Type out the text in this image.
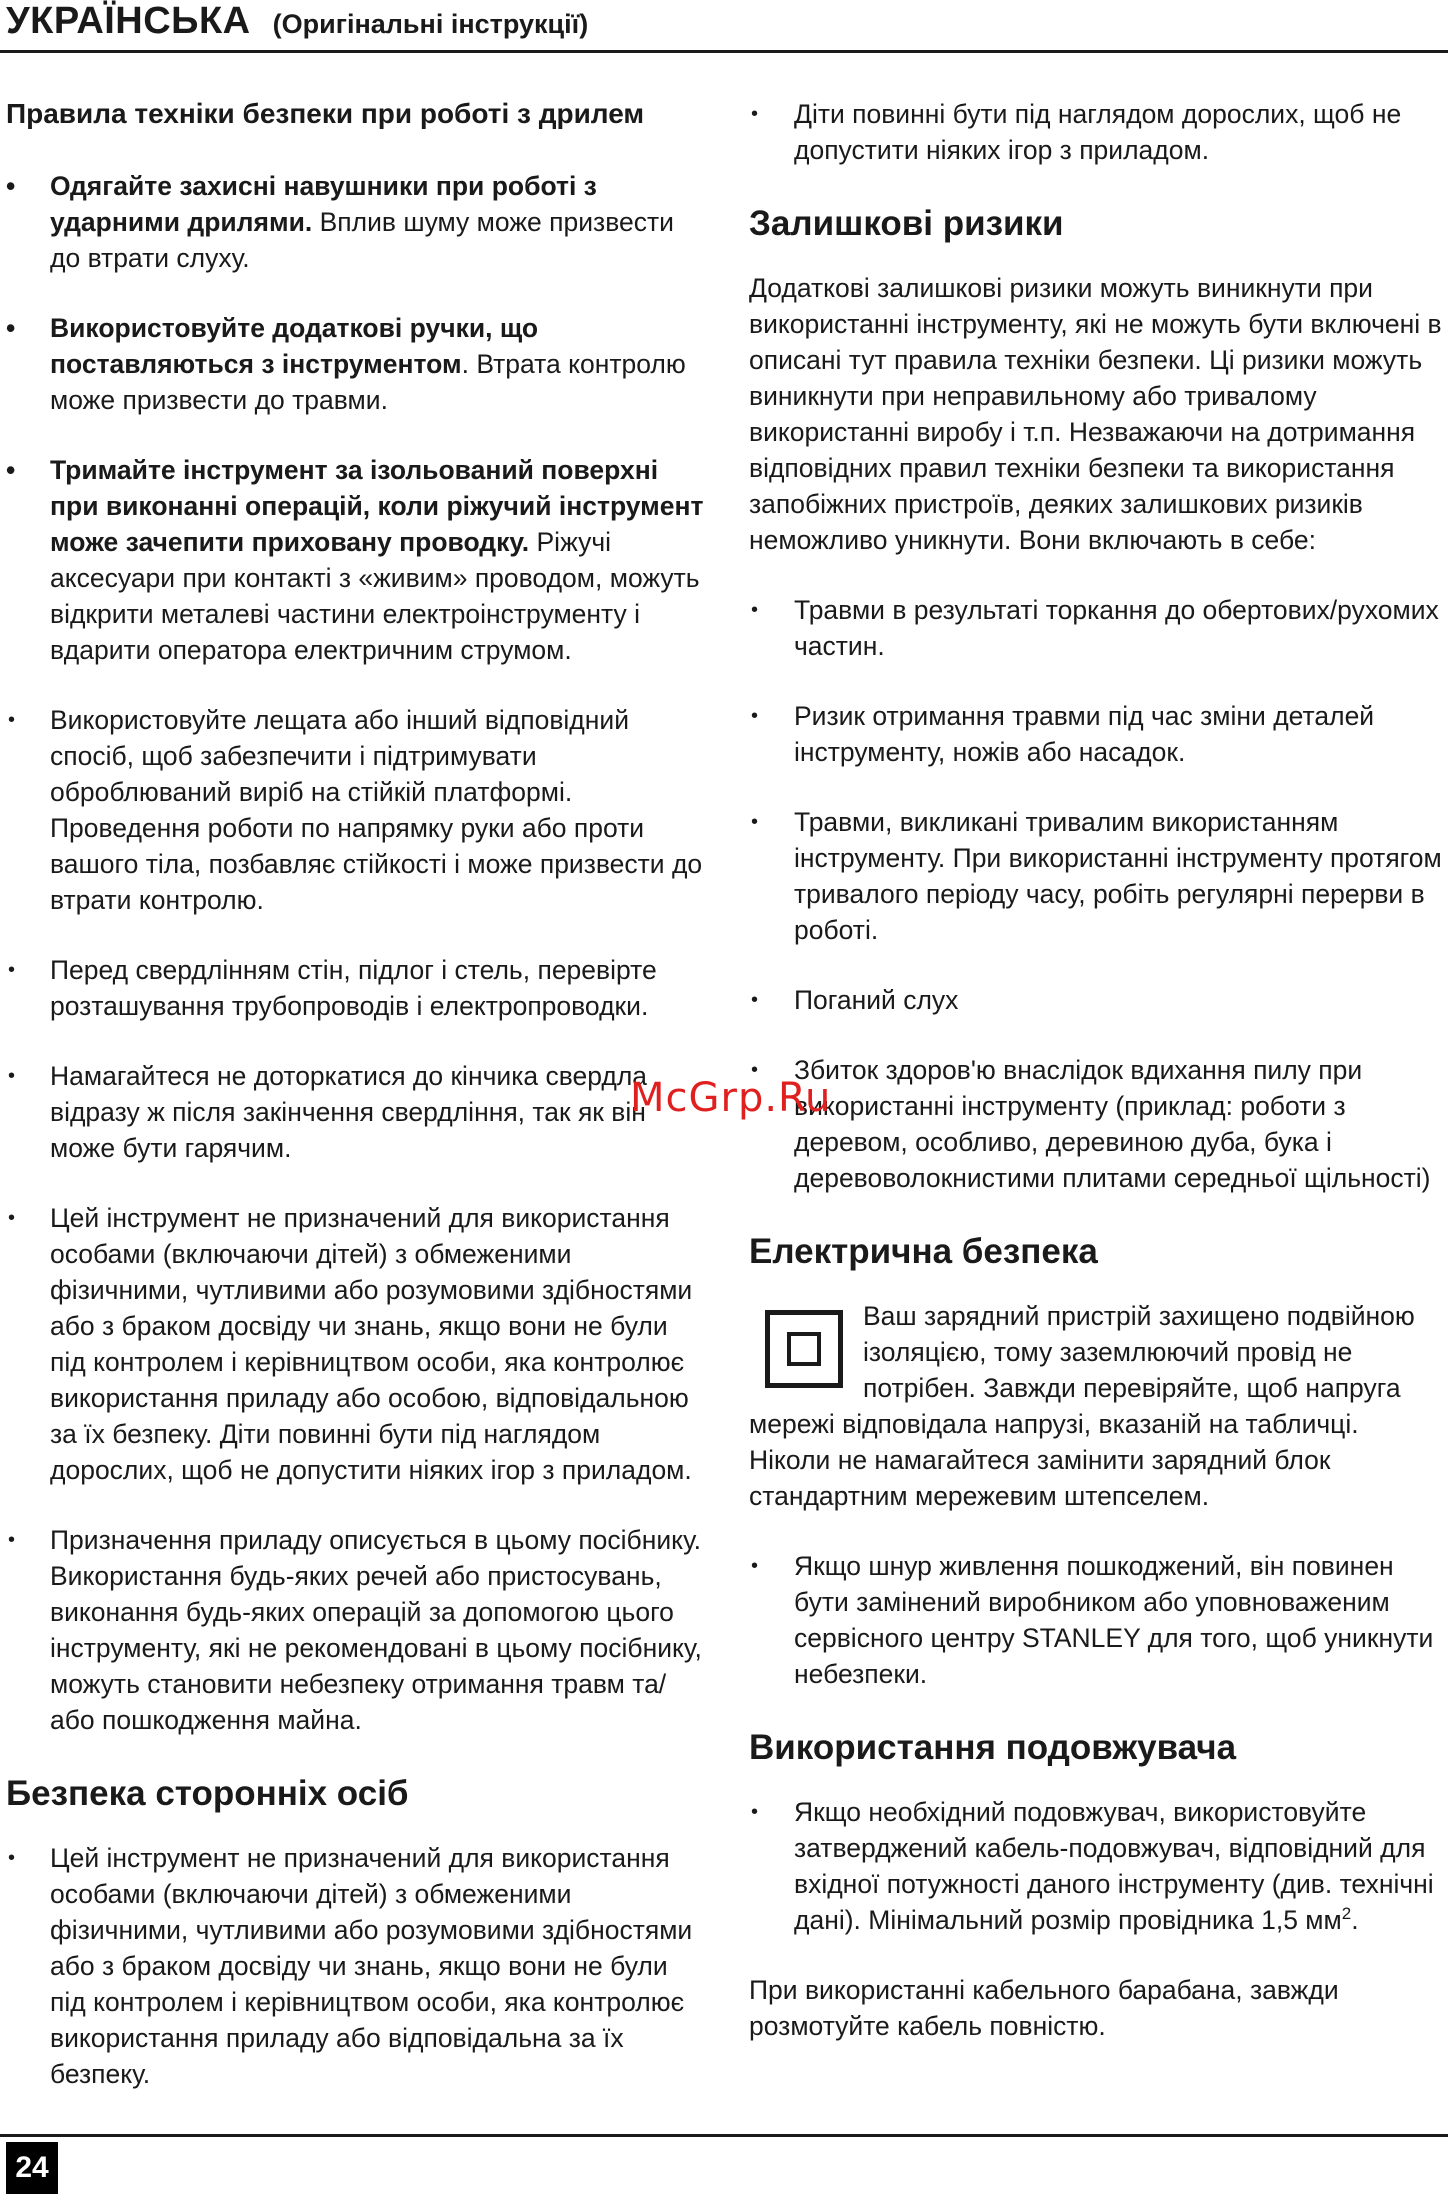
УКРАЇНСЬКА (Оригінальні інструкції)
Правила техніки безпеки при роботі з дрилем
• Одягайте захисні навушники при роботі з ударними дрилями. Вплив шуму може призвести до втрати слуху.
• Використовуйте додаткові ручки, що поставляються з інструментом. Втрата контролю може призвести до травми.
• Тримайте інструмент за ізольований поверхні при виконанні операцій, коли ріжучий інструмент може зачепити приховану проводку. Ріжучі аксесуари при контакті з «живим» проводом, можуть відкрити металеві частини електроінструменту і вдарити оператора електричним струмом.
• Використовуйте лещата або інший відповідний спосіб, щоб забезпечити і підтримувати оброблюваний виріб на стійкій платформі. Проведення роботи по напрямку руки або проти вашого тіла, позбавляє стійкості і може призвести до втрати контролю.
• Перед свердлінням стін, підлог і стель, перевірте розташування трубопроводів і електропроводки.
• Намагайтеся не доторкатися до кінчика свердла відразу ж після закінчення свердління, так як він може бути гарячим.
• Цей інструмент не призначений для використання особами (включаючи дітей) з обмеженими фізичними, чутливими або розумовими здібностями або з браком досвіду чи знань, якщо вони не були під контролем і керівництвом особи, яка контролює використання приладу або особою, відповідальною за їх безпеку. Діти повинні бути під наглядом дорослих, щоб не допустити ніяких ігор з приладом.
• Призначення приладу описується в цьому посібнику. Використання будь-яких речей або пристосувань, виконання будь-яких операцій за допомогою цього інструменту, які не рекомендовані в цьому посібнику, можуть становити небезпеку отримання травм та/або пошкодження майна.
Безпека сторонніх осіб
• Цей інструмент не призначений для використання особами (включаючи дітей) з обмеженими фізичними, чутливими або розумовими здібностями або з браком досвіду чи знань, якщо вони не були під контролем і керівництвом особи, яка контролює використання приладу або відповідальна за їх безпеку.
• Діти повинні бути під наглядом дорослих, щоб не допустити ніяких ігор з приладом.
Залишкові ризики
Додаткові залишкові ризики можуть виникнути при використанні інструменту, які не можуть бути включені в описані тут правила техніки безпеки. Ці ризики можуть виникнути при неправильному або тривалому використанні виробу і т.п. Незважаючи на дотримання відповідних правил техніки безпеки та використання запобіжних пристроїв, деяких залишкових ризиків неможливо уникнути. Вони включають в себе:
• Травми в результаті торкання до обертових/рухомих частин.
• Ризик отримання травми під час зміни деталей інструменту, ножів або насадок.
• Травми, викликані тривалим використанням інструменту. При використанні інструменту протягом тривалого періоду часу, робіть регулярні перерви в роботі.
• Поганий слух
• Збиток здоров'ю внаслідок вдихання пилу при використанні інструменту (приклад: роботи з деревом, особливо, деревиною дуба, бука і деревоволокнистими плитами середньої щільності)
Електрична безпека
Ваш зарядний пристрій захищено подвійною ізоляцією, тому заземлюючий провід не потрібен. Завжди перевіряйте, щоб напруга мережі відповідала напрузі, вказаній на табличці. Ніколи не намагайтеся замінити зарядний блок стандартним мережевим штепселем.
• Якщо шнур живлення пошкоджений, він повинен бути замінений виробником або уповноваженим сервісного центру STANLEY для того, щоб уникнути небезпеки.
Використання подовжувача
• Якщо необхідний подовжувач, використовуйте затверджений кабель-подовжувач, відповідний для вхідної потужності даного інструменту (див. технічні дані). Мінімальний розмір провідника 1,5 $мм^2$.
При використанні кабельного барабана, завжди розмотуйте кабель повністю.
McGrp.Ru
24
